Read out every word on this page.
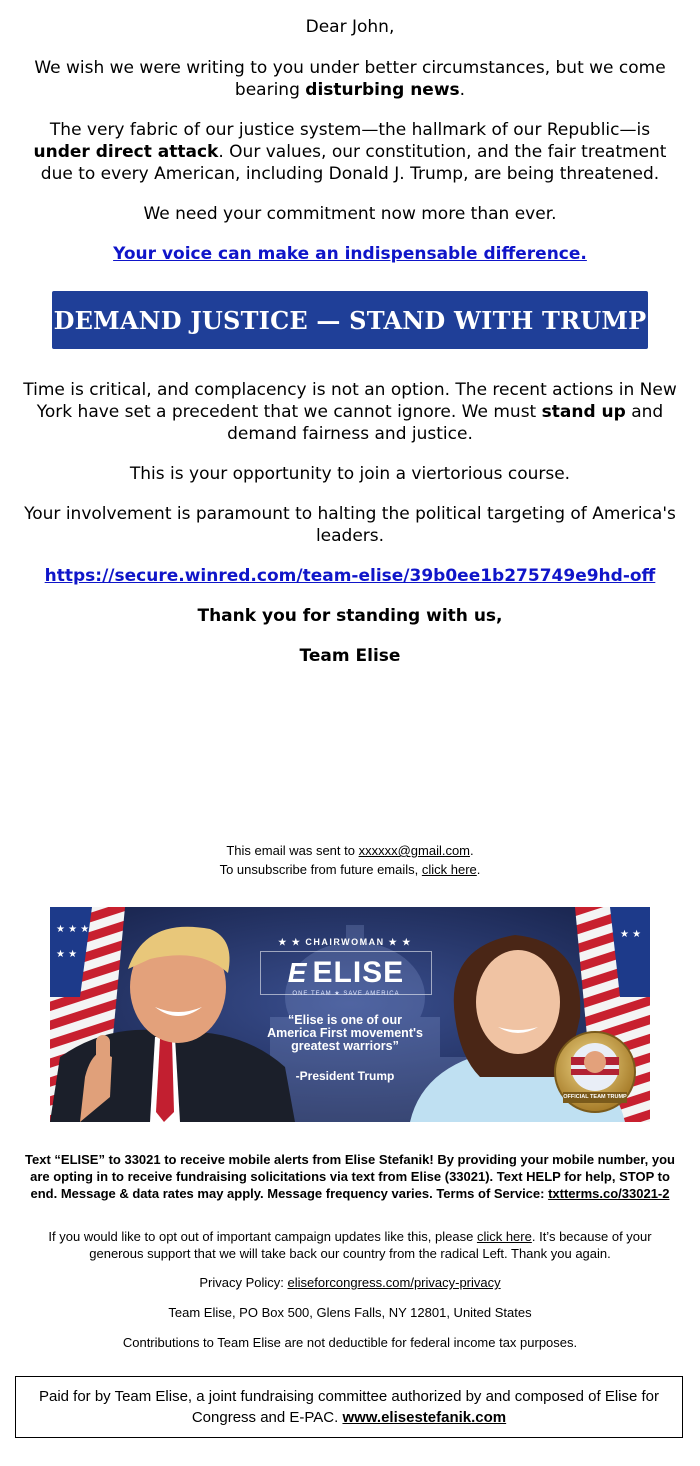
Dear John,

We wish we were writing to you under better circumstances, but we come bearing disturbing news.

The very fabric of our justice system—the hallmark of our Republic—is under direct attack. Our values, our constitution, and the fair treatment due to every American, including Donald J. Trump, are being threatened.

We need your commitment now more than ever.

Your voice can make an indispensable difference.

Time is critical, and complacency is not an option. The recent actions in New York have set a precedent that we cannot ignore. We must stand up and demand fairness and justice.

This is your opportunity to join a viertorious course.

Your involvement is paramount to halting the political targeting of America's leaders.

https://secure.winred.com/team-elise/39b0ee1b275749e9hd-off

Thank you for standing with us,

Team Elise

DEMAND JUSTICE — STAND WITH TRUMP
This email was sent to xxxxxx@gmail.com.
To unsubscribe from future emails, click here.
★ ★ ★
★ ★
★ ★
★ ★ CHAIRWOMAN ★ ★
E ELISE
ONE TEAM ★ SAVE AMERICA
“Elise is one of our
America First movement's
greatest warriors”
-President Trump
OFFICIAL TEAM TRUMP
Text “ELISE” to 33021 to receive mobile alerts from Elise Stefanik! By providing your mobile number, you are opting in to receive fundraising solicitations via text from Elise (33021). Text HELP for help, STOP to end. Message & data rates may apply. Message frequency varies. Terms of Service: txtterms.co/33021-2
If you would like to opt out of important campaign updates like this, please click here. It’s because of your generous support that we will take back our country from the radical Left. Thank you again.
Privacy Policy: eliseforcongress.com/privacy-privacy
Team Elise, PO Box 500, Glens Falls, NY 12801, United States
Contributions to Team Elise are not deductible for federal income tax purposes.
Paid for by Team Elise, a joint fundraising committee authorized by and composed of Elise for Congress and E-PAC. www.elisestefanik.com
